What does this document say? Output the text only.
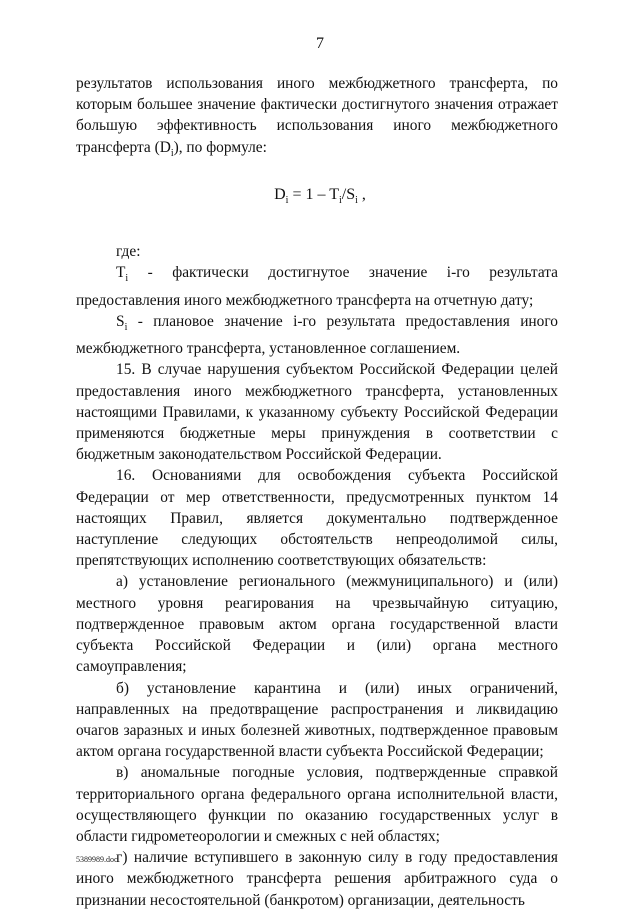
7

результатов использования иного межбюджетного трансферта, по которым большее значение фактически достигнутого значения отражает большую эффективность использования иного межбюджетного трансферта $(D_i)$, по формуле:

$D_i = 1 - T_i/S_i$ ,

где:

$T_i$ - фактически достигнутое значение i-го результата предоставления иного межбюджетного трансферта на отчетную дату;

$S_i$ - плановое значение i-го результата предоставления иного межбюджетного трансферта, установленное соглашением.

15. В случае нарушения субъектом Российской Федерации целей предоставления иного межбюджетного трансферта, установленных настоящими Правилами, к указанному субъекту Российской Федерации применяются бюджетные меры принуждения в соответствии с бюджетным законодательством Российской Федерации.

16. Основаниями для освобождения субъекта Российской Федерации от мер ответственности, предусмотренных пунктом 14 настоящих Правил, является документально подтвержденное наступление следующих обстоятельств непреодолимой силы, препятствующих исполнению соответствующих обязательств:

а) установление регионального (межмуниципального) и (или) местного уровня реагирования на чрезвычайную ситуацию, подтвержденное правовым актом органа государственной власти субъекта Российской Федерации и (или) органа местного самоуправления;

б) установление карантина и (или) иных ограничений, направленных на предотвращение распространения и ликвидацию очагов заразных и иных болезней животных, подтвержденное правовым актом органа государственной власти субъекта Российской Федерации;

в) аномальные погодные условия, подтвержденные справкой территориального органа федерального органа исполнительной власти, осуществляющего функции по оказанию государственных услуг в области гидрометеорологии и смежных с ней областях;

г) наличие вступившего в законную силу в году предоставления иного межбюджетного трансферта решения арбитражного суда о признании несостоятельной (банкротом) организации, деятельность

5389989.doc
